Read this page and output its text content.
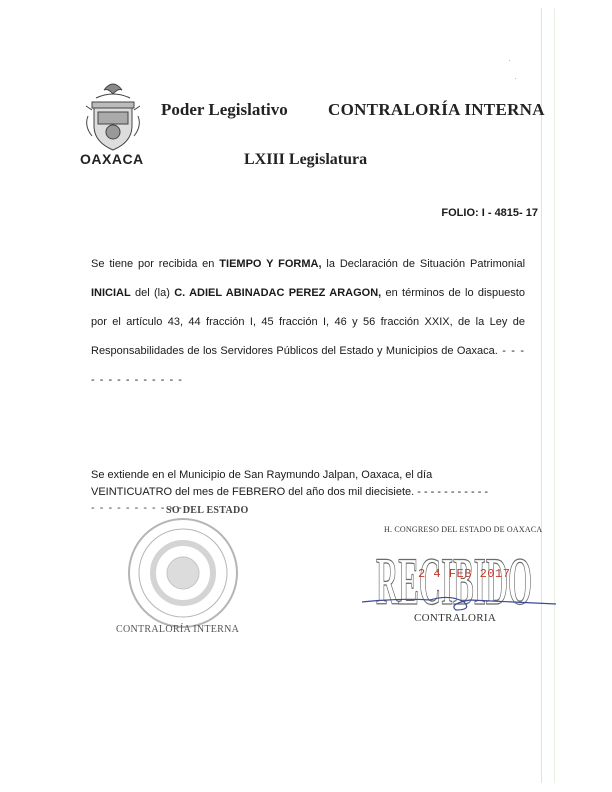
OAXACA
Poder Legislativo CONTRALORÍA INTERNA
LXIII Legislatura
·
·
FOLIO: I - 4815- 17
Se tiene por recibida en TIEMPO Y FORMA, la Declaración de Situación Patrimonial INICIAL del (la) C. ADIEL ABINADAC PEREZ ARAGON, en términos de lo dispuesto por el artículo 43, 44 fracción I, 45 fracción I, 46 y 56 fracción XXIX, de la Ley de Responsabilidades de los Servidores Públicos del Estado y Municipios de Oaxaca. - - - - - - - - - - - - - -
Se extiende en el Municipio de San Raymundo Jalpan, Oaxaca, el día
VEINTICUATRO del mes de FEBRERO del año dos mil diecisiete. - - - - - - - - - - -
- - - - - - - - - - - -
SO DEL ESTADO
CONTRALORÍA INTERNA
H. CONGRESO DEL ESTADO DE OAXACA
RECIBIDO
2 4 FEB 2017
CONTRALORIA
